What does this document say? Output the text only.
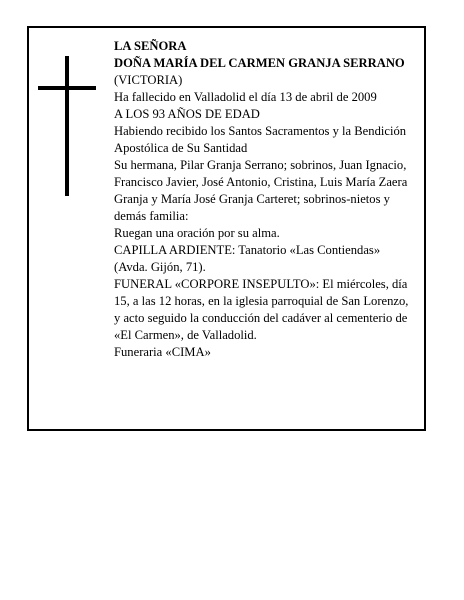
LA SEÑORA
DOÑA MARÍA DEL CARMEN GRANJA SERRANO
(VICTORIA)
Ha fallecido en Valladolid el día 13 de abril de 2009
A LOS 93 AÑOS DE EDAD
Habiendo recibido los Santos Sacramentos y la Bendición Apostólica de Su Santidad
Su hermana, Pilar Granja Serrano; sobrinos, Juan Ignacio, Francisco Javier, José Antonio, Cristina, Luis María Zaera Granja y María José Granja Carteret; sobrinos-nietos y demás familia:
Ruegan una oración por su alma.
CAPILLA ARDIENTE: Tanatorio «Las Contiendas» (Avda. Gijón, 71).
FUNERAL «CORPORE INSEPULTO»: El miércoles, día 15, a las 12 horas, en la iglesia parroquial de San Lorenzo, y acto seguido la conducción del cadáver al cementerio de «El Carmen», de Valladolid.
Funeraria «CIMA»
